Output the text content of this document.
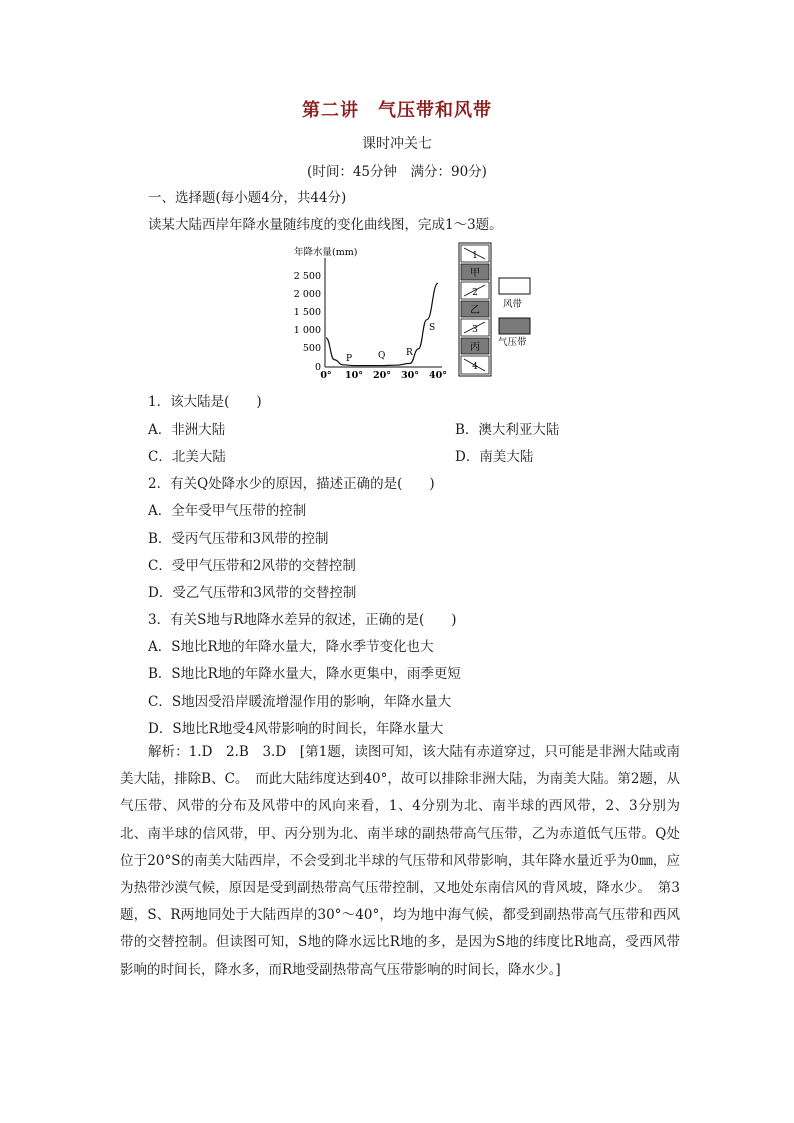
第二讲　气压带和风带
课时冲关七
(时间：45分钟　满分：90分)
一、选择题(每小题4分，共44分)
读某大陆西岸年降水量随纬度的变化曲线图，完成1～3题。
年降水量(mm)
2 500
2 000
1 500
1 000
500
0
0° 10° 20° 30° 40°
P	Q R
S
1
甲
2
乙
3
丙
4
风带
气压带
1．该大陆是(　　)
A．非洲大陆	B．澳大利亚大陆
C．北美大陆	D．南美大陆
2．有关Q处降水少的原因，描述正确的是(　　)
A．全年受甲气压带的控制
B．受丙气压带和3风带的控制
C．受甲气压带和2风带的交替控制
D．受乙气压带和3风带的交替控制
3．有关S地与R地降水差异的叙述，正确的是(　　)
A．S地比R地的年降水量大，降水季节变化也大
B．S地比R地的年降水量大，降水更集中，雨季更短
C．S地因受沿岸暖流增湿作用的影响，年降水量大
D．S地比R地受4风带影响的时间长，年降水量大
解析：1.D　2.B　3.D　[第1题，读图可知，该大陆有赤道穿过，只可能是非洲大陆或南美大陆，排除B、C。　而此大陆纬度达到40°，故可以排除非洲大陆，为南美大陆。第2题，从气压带、风带的分布及风带中的风向来看，1、4分别为北、南半球的西风带，2、3分别为北、南半球的信风带，甲、丙分别为北、南半球的副热带高气压带，乙为赤道低气压带。Q处位于20°S的南美大陆西岸，不会受到北半球的气压带和风带影响，其年降水量近乎为0㎜，应为热带沙漠气候，原因是受到副热带高气压带控制，又地处东南信风的背风坡，降水少。　第3题，S、R两地同处于大陆西岸的30°～40°，均为地中海气候，都受到副热带高气压带和西风带的交替控制。但读图可知，S地的降水远比R地的多，是因为S地的纬度比R地高，受西风带影响的时间长，降水多，而R地受副热带高气压带影响的时间长，降水少。]
